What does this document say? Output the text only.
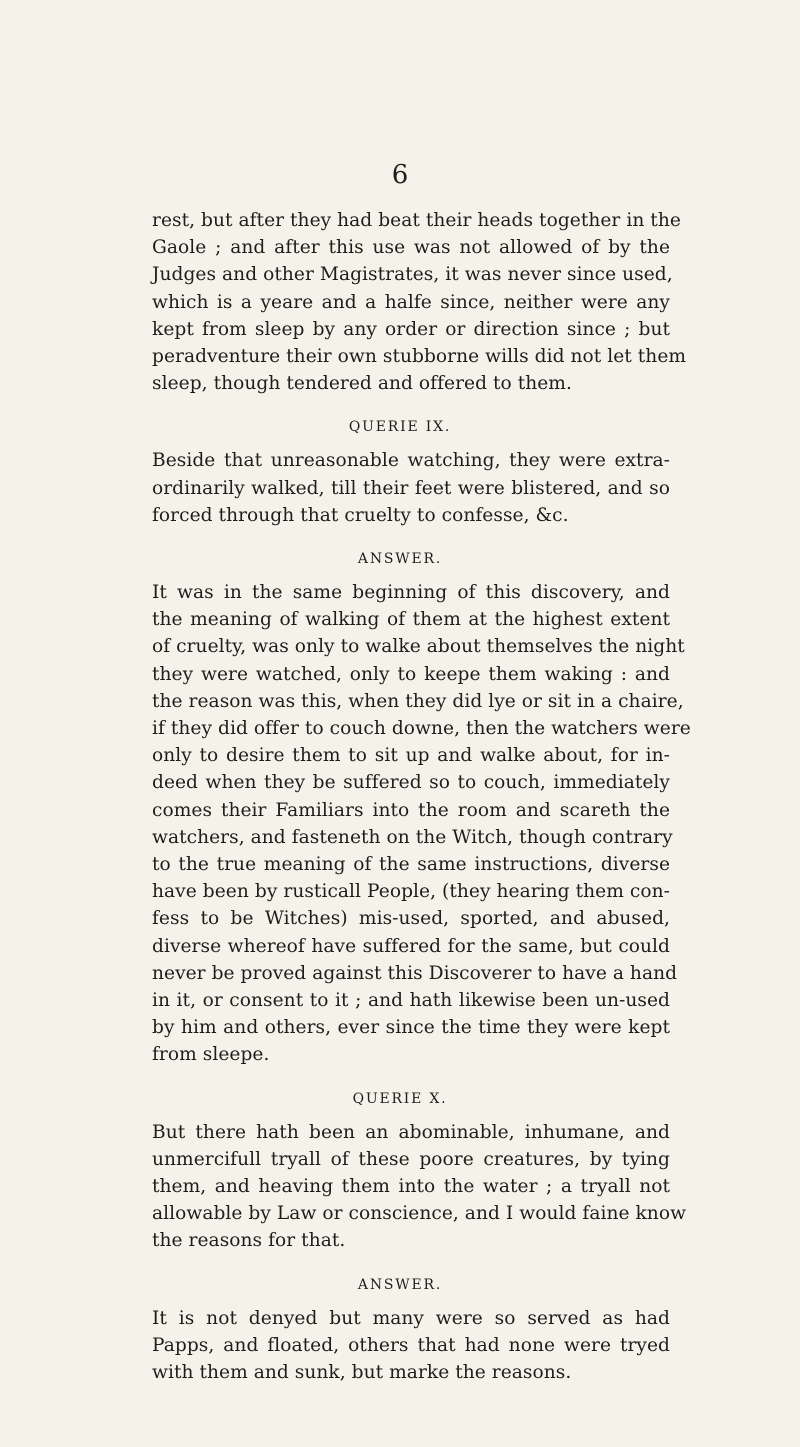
6

rest, but after they had beat their heads together in the
Gaole ; and after this use was not allowed of by the
Judges and other Magistrates, it was never since used,
which is a yeare and a halfe since, neither were any
kept from sleep by any order or direction since ; but
peradventure their own stubborne wills did not let them
sleep, though tendered and offered to them.

QUERIE IX.

Beside that unreasonable watching, they were extra-
ordinarily walked, till their feet were blistered, and so
forced through that cruelty to confesse, &c.

ANSWER.

It was in the same beginning of this discovery, and
the meaning of walking of them at the highest extent
of cruelty, was only to walke about themselves the night
they were watched, only to keepe them waking : and
the reason was this, when they did lye or sit in a chaire,
if they did offer to couch downe, then the watchers were
only to desire them to sit up and walke about, for in-
deed when they be suffered so to couch, immediately
comes their Familiars into the room and scareth the
watchers, and fasteneth on the Witch, though contrary
to the true meaning of the same instructions, diverse
have been by rusticall People, (they hearing them con-
fess to be Witches) mis-used, sported, and abused,
diverse whereof have suffered for the same, but could
never be proved against this Discoverer to have a hand
in it, or consent to it ; and hath likewise been un-used
by him and others, ever since the time they were kept
from sleepe.

QUERIE X.

But there hath been an abominable, inhumane, and
unmercifull tryall of these poore creatures, by tying
them, and heaving them into the water ; a tryall not
allowable by Law or conscience, and I would faine know
the reasons for that.

ANSWER.

It is not denyed but many were so served as had
Papps, and floated, others that had none were tryed
with them and sunk, but marke the reasons.
